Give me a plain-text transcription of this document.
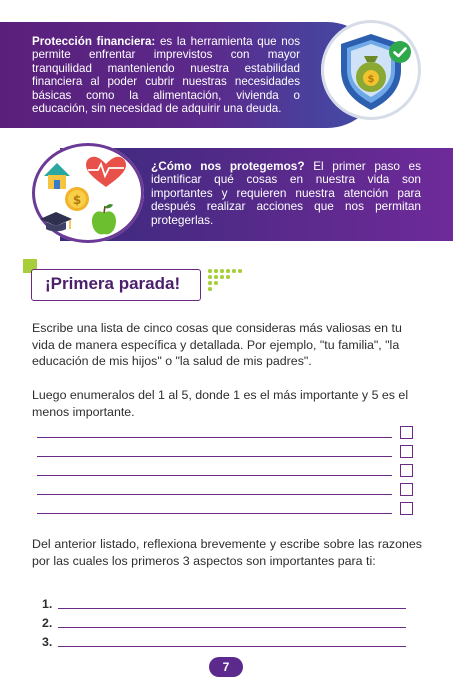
Protección financiera: es la herramienta que nos permite enfrentar imprevistos con mayor tranquilidad manteniendo nuestra estabilidad financiera al poder cubrir nuestras necesidades básicas como la alimentación, vivienda o educación, sin necesidad de adquirir una deuda.
$
¿Cómo nos protegemos? El primer paso es identificar qué cosas en nuestra vida son importantes y requieren nuestra atención para después realizar acciones que nos permitan protegerlas.
$
¡Primera parada!
Escribe una lista de cinco cosas que consideras más valiosas en tu vida de manera específica y detallada. Por ejemplo, "tu familia", "la educación de mis hijos" o "la salud de mis padres".
Luego enumeralos del 1 al 5, donde 1 es el más importante y 5 es el menos importante.
Del anterior listado, reflexiona brevemente y escribe sobre las razones por las cuales los primeros 3 aspectos son importantes para ti:
1.
2.
3.
7
